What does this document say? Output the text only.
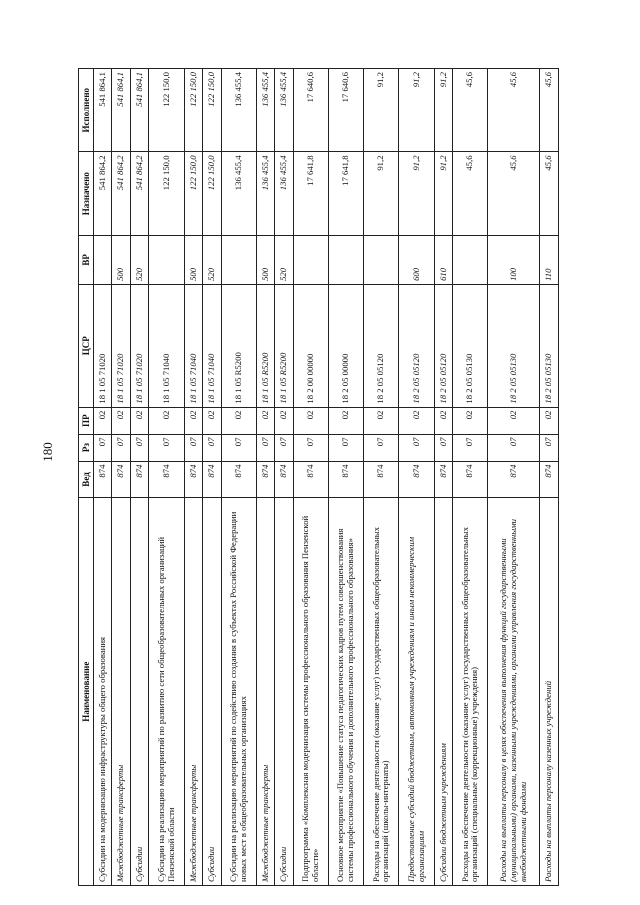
180
Наименование	Вед	Рз	ПР	ЦСР	ВР	Назначено	Исполнено
Субсидии на модернизацию инфраструктуры общего образования	874	07	02	18 1 05 71020		541 864,2	541 864,1
Межбюджетные трансферты	874	07	02	18 1 05 71020	500	541 864,2	541 864,1
Субсидии	874	07	02	18 1 05 71020	520	541 864,2	541 864,1
Субсидии на реализацию мероприятий по развитию сети общеобразовательных организаций Пензенской области	874	07	02	18 1 05 71040		122 150,0	122 150,0
Межбюджетные трансферты	874	07	02	18 1 05 71040	500	122 150,0	122 150,0
Субсидии	874	07	02	18 1 05 71040	520	122 150,0	122 150,0
Субсидии на реализацию мероприятий по содействию создания в субъектах Российской Федерации новых мест в общеобразовательных организациях	874	07	02	18 1 05 R5200		136 455,4	136 455,4
Межбюджетные трансферты	874	07	02	18 1 05 R5200	500	136 455,4	136 455,4
Субсидии	874	07	02	18 1 05 R5200	520	136 455,4	136 455,4
Подпрограмма «Комплексная модернизация системы профессионального образования Пензенской области»	874	07	02	18 2 00 00000		17 641,8	17 640,6
Основное мероприятие «Повышение статуса педагогических кадров путем совершенствования системы профессионального обучения и дополнительного профессионального образования»	874	07	02	18 2 05 00000		17 641,8	17 640,6
Расходы на обеспечение деятельности (оказание услуг) государственных общеобразовательных организаций (школы-интернаты)	874	07	02	18 2 05 05120		91,2	91,2
Предоставление субсидий бюджетным, автономным учреждениям и иным некоммерческим организациям	874	07	02	18 2 05 05120	600	91,2	91,2
Субсидии бюджетным учреждениям	874	07	02	18 2 05 05120	610	91,2	91,2
Расходы на обеспечение деятельности (оказание услуг) государственных общеобразовательных организаций (специальные (коррекционные) учреждения)	874	07	02	18 2 05 05130		45,6	45,6
Расходы на выплаты персоналу в целях обеспечения выполнения функций государственными (муниципальными) органами, казенными учреждениями, органами управления государственными внебюджетными фондами	874	07	02	18 2 05 05130	100	45,6	45,6
Расходы на выплаты персоналу казенных учреждений	874	07	02	18 2 05 05130	110	45,6	45,6
